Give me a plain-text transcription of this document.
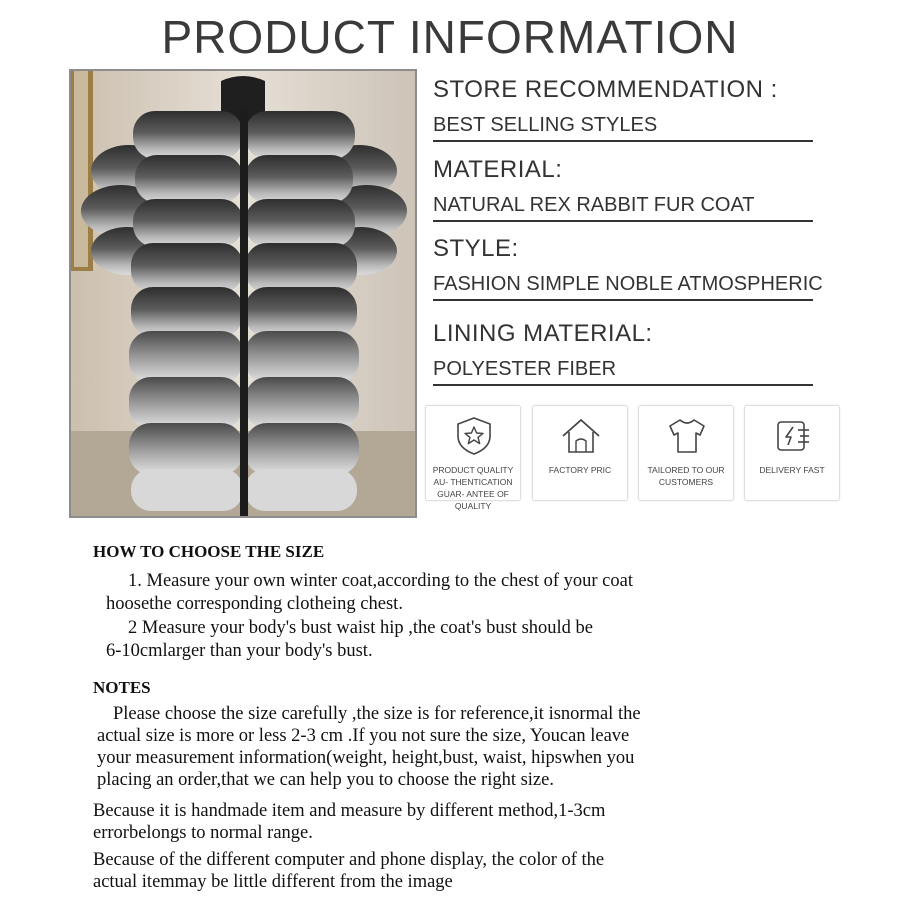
PRODUCT INFORMATION
STORE RECOMMENDATION :
BEST SELLING STYLES
MATERIAL:
NATURAL REX RABBIT FUR COAT
STYLE:
FASHION SIMPLE NOBLE ATMOSPHERIC
LINING MATERIAL:
POLYESTER FIBER
PRODUCT QUALITY AU- THENTICATION GUAR- ANTEE OF QUALITY
FACTORY PRIC	TAILORED TO OUR CUSTOMERS
DELIVERY FAST
HOW TO CHOOSE THE SIZE

1. Measure your own winter coat,according to the chest of your coat

hoosethe corresponding clotheing chest.

2 Measure your body's bust waist hip ,the coat's bust should be

6-10cmlarger than your body's bust.

NOTES

Please choose the size carefully ,the size is for reference,it isnormal the

actual size is more or less 2-3 cm .If you not sure the size, Youcan leave

your measurement information(weight, height,bust, waist, hipswhen you

placing an order,that we can help you to choose the right size.

Because it is handmade item and measure by different method,1-3cm

errorbelongs to normal range.

Because of the different computer and phone display, the color of the

actual itemmay be little different from the image
